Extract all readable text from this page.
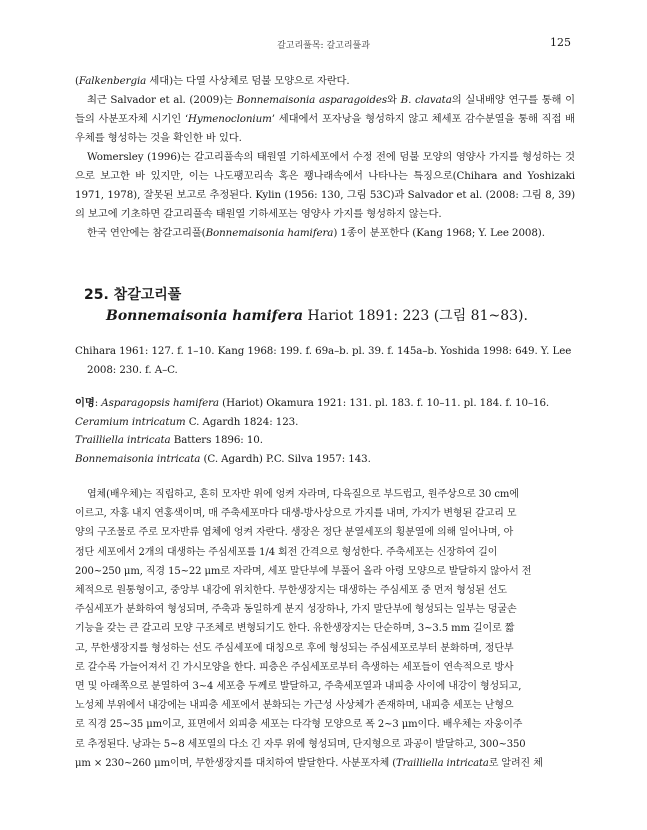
갈고리풀목: 갈고리풀과	125

(Falkenbergia 세대)는 다열 사상체로 덤불 모양으로 자란다.

최근 Salvador et al. (2009)는 Bonnemaisonia asparagoides와 B. clavata의 실내배양 연구를 통해 이들의 사분포자체 시기인 ‘Hymenoclonium’ 세대에서 포자낭을 형성하지 않고 체세포 감수분열을 통해 직접 배우체를 형성하는 것을 확인한 바 있다.

Womersley (1996)는 갈고리풀속의 태원열 기하세포에서 수정 전에 덤불 모양의 영양사 가지를 형성하는 것으로 보고한 바 있지만, 이는 나도팽꼬리속 혹은 꽹나래속에서 나타나는 특징으로(Chihara and Yoshizaki 1971, 1978), 잘못된 보고로 추정된다. Kylin (1956: 130, 그림 53C)과 Salvador et al. (2008: 그림 8, 39)의 보고에 기초하면 갈고리풀속 태원열 기하세포는 영양사 가지를 형성하지 않는다.

한국 연안에는 참갈고리풀(Bonnemaisonia hamifera) 1종이 분포한다 (Kang 1968; Y. Lee 2008).

25. 참갈고리풀
Bonnemaisonia hamifera Hariot 1891: 223 (그림 81~83).
Chihara 1961: 127. f. 1–10. Kang 1968: 199. f. 69a–b. pl. 39. f. 145a–b. Yoshida 1998: 649. Y. Lee
2008: 230. f. A–C.
이명: Asparagopsis hamifera (Hariot) Okamura 1921: 131. pl. 183. f. 10–11. pl. 184. f. 10–16.
Ceramium intricatum C. Agardh 1824: 123.
Trailliella intricata Batters 1896: 10.
Bonnemaisonia intricata (C. Agardh) P.C. Silva 1957: 143.
엽체(배우체)는 직립하고, 흔히 모자반 위에 엉켜 자라며, 다육질으로 부드럽고, 원주상으로 30 cm에
이르고, 자홍 내지 연홍색이며, 매 주축세포마다 대생-방사상으로 가지를 내며, 가지가 변형된 갈고리 모
양의 구조물로 주로 모자반류 엽체에 엉켜 자란다. 생장은 정단 분열세포의 횡분열에 의해 일어나며, 아
정단 세포에서 2개의 대생하는 주심세포를 1/4 회전 간격으로 형성한다. 주축세포는 신장하여 길이
200~250 μm, 직경 15~22 μm로 자라며, 세포 말단부에 부풀어 올라 아령 모양으로 발달하지 않아서 전
체적으로 원통형이고, 중앙부 내강에 위치한다. 무한생장지는 대생하는 주심세포 중 먼저 형성된 선도
주심세포가 분화하여 형성되며, 주축과 동일하게 분지 성장하나, 가지 말단부에 형성되는 일부는 덩굴손
기능을 갖는 큰 갈고리 모양 구조체로 변형되기도 한다. 유한생장지는 단순하며, 3~3.5 mm 길이로 짧
고, 무한생장지를 형성하는 선도 주심세포에 대칭으로 후에 형성되는 주심세포로부터 분화하며, 정단부
로 갈수록 가늘어져서 긴 가시모양을 한다. 피층은 주심세포로부터 측생하는 세포들이 연속적으로 방사
면 및 아래쪽으로 분열하여 3~4 세포층 두께로 발달하고, 주축세포열과 내피층 사이에 내강이 형성되고,
노성체 부위에서 내강에는 내피층 세포에서 분화되는 가근성 사상체가 존재하며, 내피층 세포는 난형으
로 직경 25~35 μm이고, 표면에서 외피층 세포는 다각형 모양으로 폭 2~3 μm이다. 배우체는 자웅이주
로 추정된다. 낭과는 5~8 세포열의 다소 긴 자루 위에 형성되며, 단지형으로 과공이 발달하고, 300~350
μm × 230~260 μm이며, 무한생장지를 대치하여 발달한다. 사분포자체 (Trailliella intricata로 알려진 체
